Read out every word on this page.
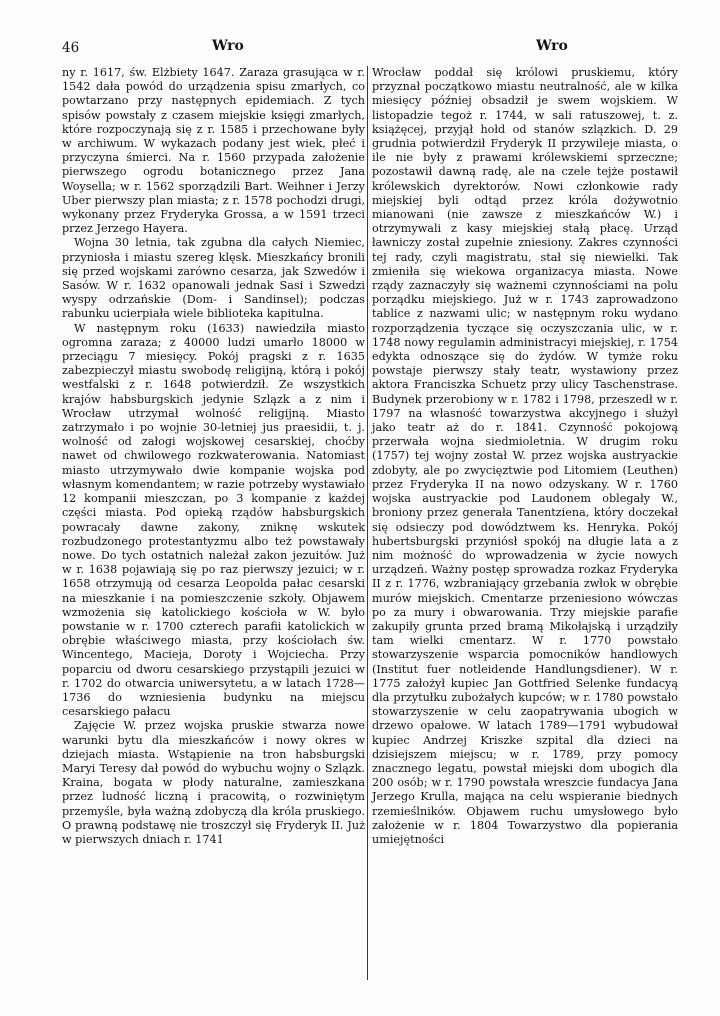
46	Wro	Wro

ny r. 1617, św. Elżbiety 1647. Zaraza grasująca w r. 1542 dała powód do urządzenia spisu zmarłych, co powtarzano przy następnych epidemiach. Z tych spisów powstały z czasem miejskie księgi zmarłych, które rozpoczynają się z r. 1585 i przechowane były w archiwum. W wykazach podany jest wiek, płeć i przyczyna śmierci. Na r. 1560 przypada założenie pierwszego ogrodu botanicznego przez Jana Woysella; w r. 1562 sporządzili Bart. Weihner i Jerzy Uber pierwszy plan miasta; z r. 1578 pochodzi drugi, wykonany przez Fryderyka Grossa, a w 1591 trzeci przez Jerzego Hayera.

Wojna 30 letnia, tak zgubna dla całych Niemiec, przyniosła i miastu szereg klęsk. Mieszkańcy bronili się przed wojskami zarówno cesarza, jak Szwedów i Sasów. W r. 1632 opanowali jednak Sasi i Szwedzi wyspy odrzańskie (Dom- i Sandinsel); podczas rabunku ucierpiała wiele biblioteka kapitulna.

W następnym roku (1633) nawiedziła miasto ogromna zaraza; z 40000 ludzi umarło 18000 w przeciągu 7 miesięcy. Pokój pragski z r. 1635 zabezpieczył miastu swobodę religijną, którą i pokój westfalski z r. 1648 potwierdził. Ze wszystkich krajów habsburgskich jedynie Szlązk a z nim i Wrocław utrzymał wolność religijną. Miasto zatrzymało i po wojnie 30-letniej jus praesidii, t. j. wolność od załogi wojskowej cesarskiej, choćby nawet od chwilowego rozkwaterowania. Natomiast miasto utrzymywało dwie kompanie wojska pod własnym komendantem; w razie potrzeby wystawiało 12 kompanii mieszczan, po 3 kompanie z każdej części miasta. Pod opieką rządów habsburgskich powracały dawne zakony, zniknę wskutek rozbudzonego protestantyzmu albo też powstawały nowe. Do tych ostatnich należał zakon jezuitów. Już w r. 1638 pojawiają się po raz pierwszy jezuici; w r. 1658 otrzymują od cesarza Leopolda pałac cesarski na mieszkanie i na pomieszczenie szkoły. Objawem wzmożenia się katolickiego kościoła w W. było powstanie w r. 1700 czterech parafii katolickich w obrębie właściwego miasta, przy kościołach św. Wincentego, Macieja, Doroty i Wojciecha. Przy poparciu od dworu cesarskiego przystąpili jezuici w r. 1702 do otwarcia uniwersytetu, a w latach 1728—1736 do wzniesienia budynku na miejscu cesarskiego pałacu

Zajęcie W. przez wojska pruskie stwarza nowe warunki bytu dla mieszkańców i nowy okres w dziejach miasta. Wstąpienie na tron habsburgski Maryi Teresy dał powód do wybuchu wojny o Szlązk. Kraina, bogata w płody naturalne, zamieszkana przez ludność liczną i pracowitą, o rozwiniętym przemyśle, była ważną zdobyczą dla króla pruskiego. O prawną podstawę nie troszczył się Fryderyk II. Już w pierwszych dniach r. 1741

Wrocław poddał się królowi pruskiemu, który przyznał początkowo miastu neutralność, ale w kilka miesięcy później obsadził je swem wojskiem. W listopadzie tegoż r. 1744, w sali ratuszowej, t. z. książęcej, przyjął hołd od stanów szlązkich. D. 29 grudnia potwierdził Fryderyk II przywileje miasta, o ile nie były z prawami królewskiemi sprzeczne; pozostawił dawną radę, ale na czele tejże postawił królewskich dyrektorów. Nowi członkowie rady miejskiej byli odtąd przez króla dożywotnio mianowani (nie zawsze z mieszkańców W.) i otrzymywali z kasy miejskiej stałą płacę. Urząd ławniczy został zupełnie zniesiony. Zakres czynności tej rady, czyli magistratu, stał się niewielki. Tak zmieniła się wiekowa organizacya miasta. Nowe rządy zaznaczyły się ważnemi czynnościami na polu porządku miejskiego. Już w r. 1743 zaprowadzono tablice z nazwami ulic; w następnym roku wydano rozporządzenia tyczące się oczyszczania ulic, w r. 1748 nowy regulamin administracyi miejskiej, r. 1754 edykta odnoszące się do żydów. W tymże roku powstaje pierwszy stały teatr, wystawiony przez aktora Franciszka Schuetz przy ulicy Taschenstrase. Budynek przerobiony w r. 1782 i 1798, przeszedł w r. 1797 na własność towarzystwa akcyjnego i służył jako teatr aż do r. 1841. Czynność pokojową przerwała wojna siedmioletnia. W drugim roku (1757) tej wojny został W. przez wojska austryackie zdobyty, ale po zwycięztwie pod Litomiem (Leuthen) przez Fryderyka II na nowo odzyskany. W r. 1760 wojska austryackie pod Laudonem oblegały W., broniony przez generała Tanentziena, który doczekał się odsieczy pod dowództwem ks. Henryka. Pokój hubertsburgski przyniósł spokój na długie lata a z nim możność do wprowadzenia w życie nowych urządzeń. Ważny postęp sprowadza rozkaz Fryderyka II z r. 1776, wzbraniający grzebania zwłok w obrębie murów miejskich. Cmentarze przeniesiono wówczas po za mury i obwarowania. Trzy miejskie parafie zakupiły grunta przed bramą Mikołajską i urządziły tam wielki cmentarz. W r. 1770 powstało stowarzyszenie wsparcia pomocników handlowych (Institut fuer notleidende Handlungsdiener). W r. 1775 założył kupiec Jan Gottfried Selenke fundacyą dla przytułku zubożałych kupców; w r. 1780 powstało stowarzyszenie w celu zaopatrywania ubogich w drzewo opałowe. W latach 1789—1791 wybudował kupiec Andrzej Kriszke szpital dla dzieci na dzisiejszem miejscu; w r. 1789, przy pomocy znacznego legatu, powstał miejski dom ubogich dla 200 osób; w r. 1790 powstała wreszcie fundacya Jana Jerzego Krulla, mająca na celu wspieranie biednych rzemieślników. Objawem ruchu umysłowego było założenie w r. 1804 Towarzystwo dla popierania umiejętności
